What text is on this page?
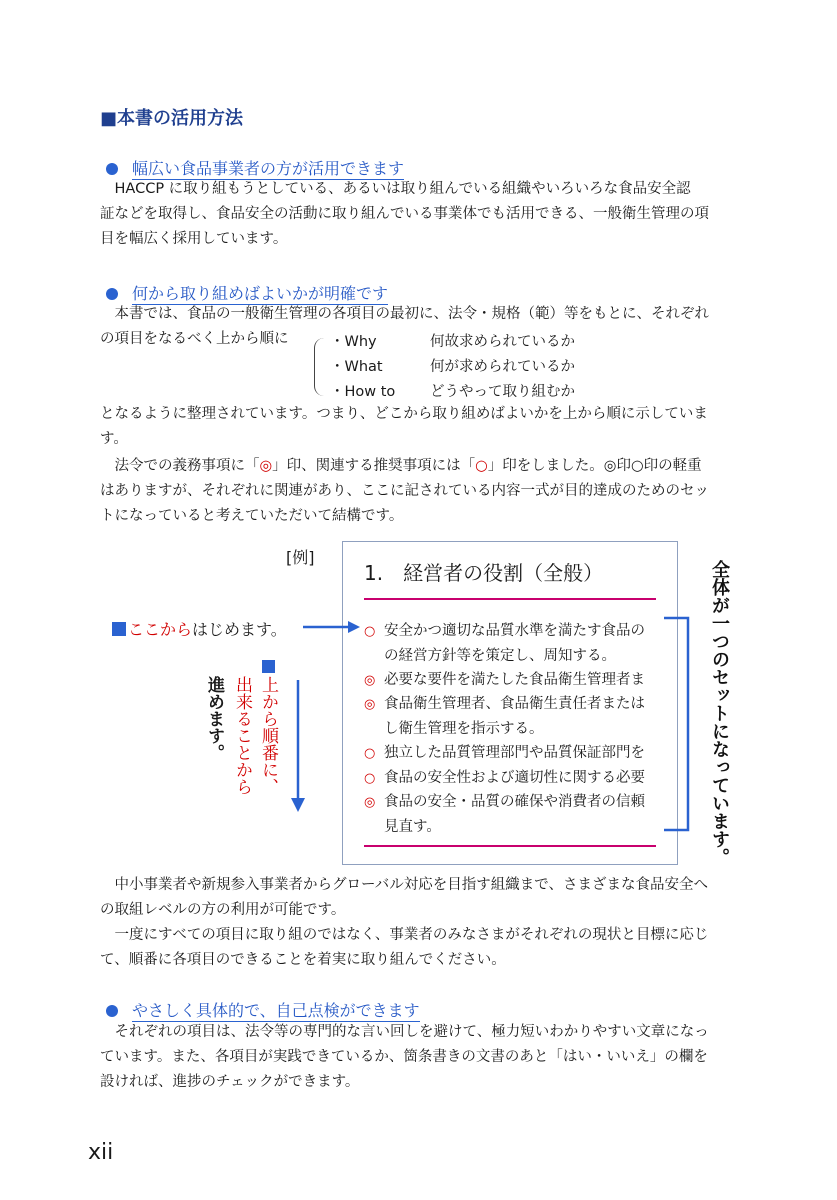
■本書の活用方法
幅広い食品事業者の方が活用できます
　HACCP に取り組もうとしている、あるいは取り組んでいる組織やいろいろな食品安全認
証などを取得し、食品安全の活動に取り組んでいる事業体でも活用できる、一般衛生管理の項
目を幅広く採用しています。
何から取り組めばよいかが明確です
　本書では、食品の一般衛生管理の各項目の最初に、法令・規格（範）等をもとに、それぞれ
の項目をなるべく上から順に	・Why	何故求められているか
・What	何が求められているか
・How to どうやって取り組むか
となるように整理されています。つまり、どこから取り組めばよいかを上から順に示していま
す。
　法令での義務事項に「◎」印、関連する推奨事項には「○」印をしました。◎印○印の軽重
はありますが、それぞれに関連があり、ここに記されている内容一式が目的達成のためのセッ
トになっていると考えていただいて結構です。
[例]
1.　経営者の役割（全般）
○ 安全かつ適切な品質水準を満たす食品の
の経営方針等を策定し、周知する。
◎ 必要な要件を満たした食品衛生管理者ま
◎ 食品衛生管理者、食品衛生責任者または
し衛生管理を指示する。
○ 独立した品質管理部門や品質保証部門を
○ 食品の安全性および適切性に関する必要
◎ 食品の安全・品質の確保や消費者の信頼
見直す。
ここからはじめます。
上から順番に、
出来ることから
進めます。	全体が一つのセットになっています。
　中小事業者や新規参入事業者からグローバル対応を目指す組織まで、さまざまな食品安全へ
の取組レベルの方の利用が可能です。
　一度にすべての項目に取り組のではなく、事業者のみなさまがそれぞれの現状と目標に応じ
て、順番に各項目のできることを着実に取り組んでください。
やさしく具体的で、自己点検ができます
　それぞれの項目は、法令等の専門的な言い回しを避けて、極力短いわかりやすい文章になっ
ています。また、各項目が実践できているか、箇条書きの文書のあと「はい・いいえ」の欄を
設ければ、進捗のチェックができます。
xii
